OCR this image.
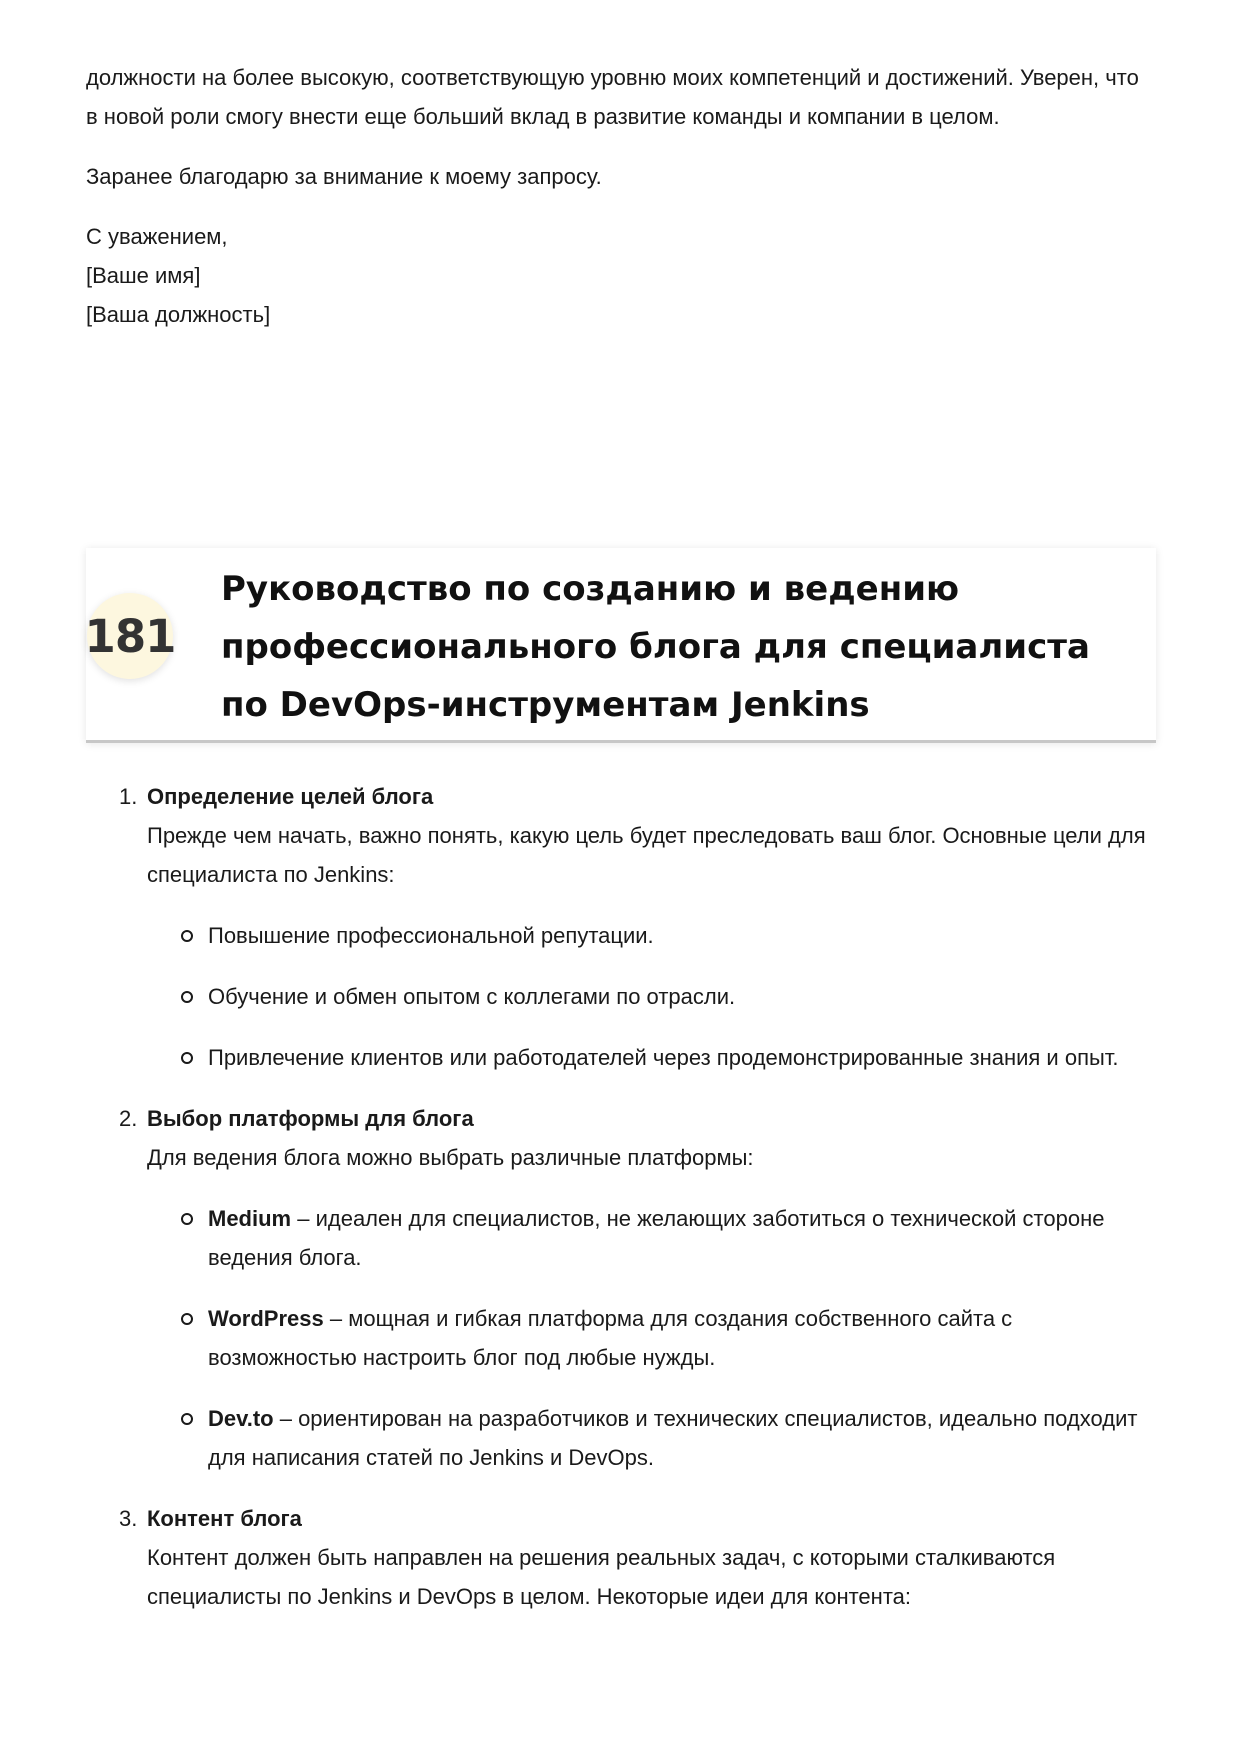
должности на более высокую, соответствующую уровню моих компетенций и достижений. Уверен, что в новой роли смогу внести еще больший вклад в развитие команды и компании в целом.

Заранее благодарю за внимание к моему запросу.

С уважением,
[Ваше имя]
[Ваша должность]

181
Руководство по созданию и ведению профессионального блога для специалиста по DevOps-инструментам Jenkins
1. Определение целей блога
Прежде чем начать, важно понять, какую цель будет преследовать ваш блог. Основные цели для специалиста по Jenkins:
Повышение профессиональной репутации.
Обучение и обмен опытом с коллегами по отрасли.
Привлечение клиентов или работодателей через продемонстрированные знания и опыт.
2. Выбор платформы для блога
Для ведения блога можно выбрать различные платформы:
Medium – идеален для специалистов, не желающих заботиться о технической стороне ведения блога.
WordPress – мощная и гибкая платформа для создания собственного сайта с возможностью настроить блог под любые нужды.
Dev.to – ориентирован на разработчиков и технических специалистов, идеально подходит для написания статей по Jenkins и DevOps.
3. Контент блога
Контент должен быть направлен на решения реальных задач, с которыми сталкиваются специалисты по Jenkins и DevOps в целом. Некоторые идеи для контента:
